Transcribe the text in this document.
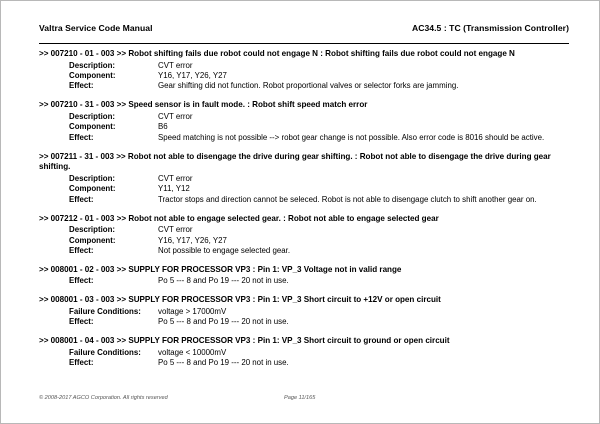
Valtra Service Code Manual	AC34.5 : TC (Transmission Controller)
>> 007210 - 01 - 003 >> Robot shifting fails due robot could not engage N : Robot shifting fails due robot could not engage N
Description:	CVT error
Component:	Y16, Y17, Y26, Y27
Effect:	Gear shifting did not function. Robot proportional valves or selector forks are jamming.
>> 007210 - 31 - 003 >> Speed sensor is in fault mode. : Robot shift speed match error
Description:	CVT error
Component:	B6
Effect:	Speed matching is not possible --> robot gear change is not possible. Also error code is 8016 should be active.
>> 007211 - 31 - 003 >> Robot not able to disengage the drive during gear shifting. : Robot not able to disengage the drive during gear shifting.
Description:	CVT error
Component:	Y11, Y12
Effect:	Tractor stops and direction cannot be seleced. Robot is not able to disengage clutch to shift another gear on.
>> 007212 - 01 - 003 >> Robot not able to engage selected gear. : Robot not able to engage selected gear
Description:	CVT error
Component:	Y16, Y17, Y26, Y27
Effect:	Not possible to engage selected gear.
>> 008001 - 02 - 003 >> SUPPLY FOR PROCESSOR VP3 : Pin 1: VP_3 Voltage not in valid range
Effect:	Po 5 --- 8 and Po 19 --- 20 not in use.
>> 008001 - 03 - 003 >> SUPPLY FOR PROCESSOR VP3 : Pin 1: VP_3 Short circuit to +12V or open circuit
Failure Conditions:	voltage > 17000mV
Effect:	Po 5 --- 8 and Po 19 --- 20 not in use.
>> 008001 - 04 - 003 >> SUPPLY FOR PROCESSOR VP3 : Pin 1: VP_3 Short circuit to ground or open circuit
Failure Conditions:	voltage < 10000mV
Effect:	Po 5 --- 8 and Po 19 --- 20 not in use.
© 2008-2017 AGCO Corporation. All rights reserved	Page 11/165
